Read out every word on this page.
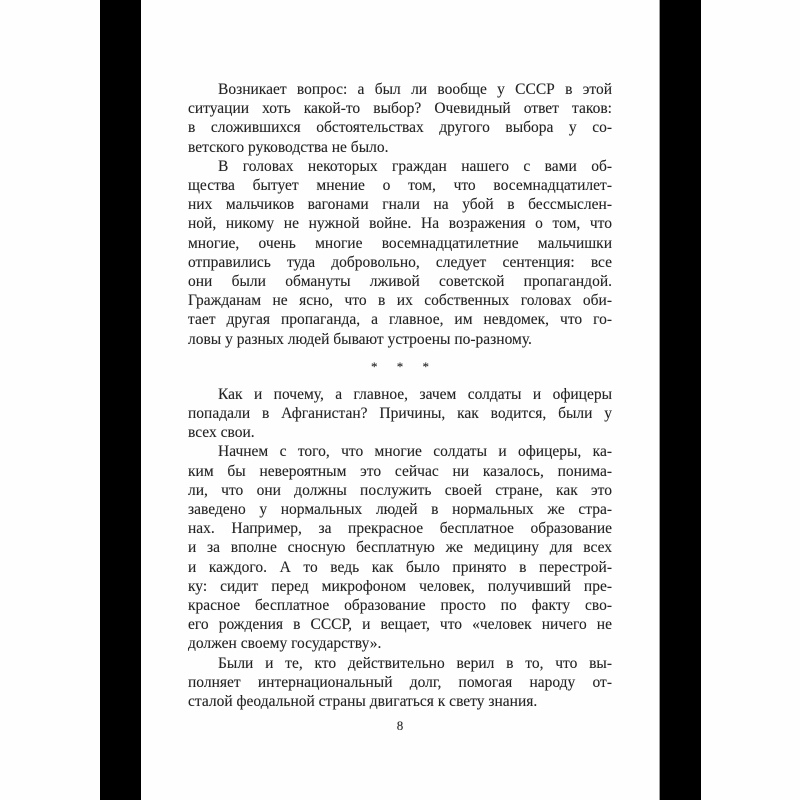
Возникает вопрос: а был ли вообще у СССР в этой
ситуации хоть какой-то выбор? Очевидный ответ таков:
в сложившихся обстоятельствах другого выбора у со-
ветского руководства не было.
В головах некоторых граждан нашего с вами об-
щества бытует мнение о том, что восемнадцатилет-
них мальчиков вагонами гнали на убой в бессмыслен-
ной, никому не нужной войне. На возражения о том, что
многие, очень многие восемнадцатилетние мальчишки
отправились туда добровольно, следует сентенция: все
они были обмануты лживой советской пропагандой.
Гражданам не ясно, что в их собственных головах оби-
тает другая пропаганда, а главное, им невдомек, что го-
ловы у разных людей бывают устроены по-разному.
* * *
Как и почему, а главное, зачем солдаты и офицеры
попадали в Афганистан? Причины, как водится, были у
всех свои.
Начнем с того, что многие солдаты и офицеры, ка-
ким бы невероятным это сейчас ни казалось, понима-
ли, что они должны послужить своей стране, как это
заведено у нормальных людей в нормальных же стра-
нах. Например, за прекрасное бесплатное образование
и за вполне сносную бесплатную же медицину для всех
и каждого. А то ведь как было принято в перестрой-
ку: сидит перед микрофоном человек, получивший пре-
красное бесплатное образование просто по факту сво-
его рождения в СССР, и вещает, что «человек ничего не
должен своему государству».
Были и те, кто действительно верил в то, что вы-
полняет интернациональный долг, помогая народу от-
сталой феодальной страны двигаться к свету знания.
8
